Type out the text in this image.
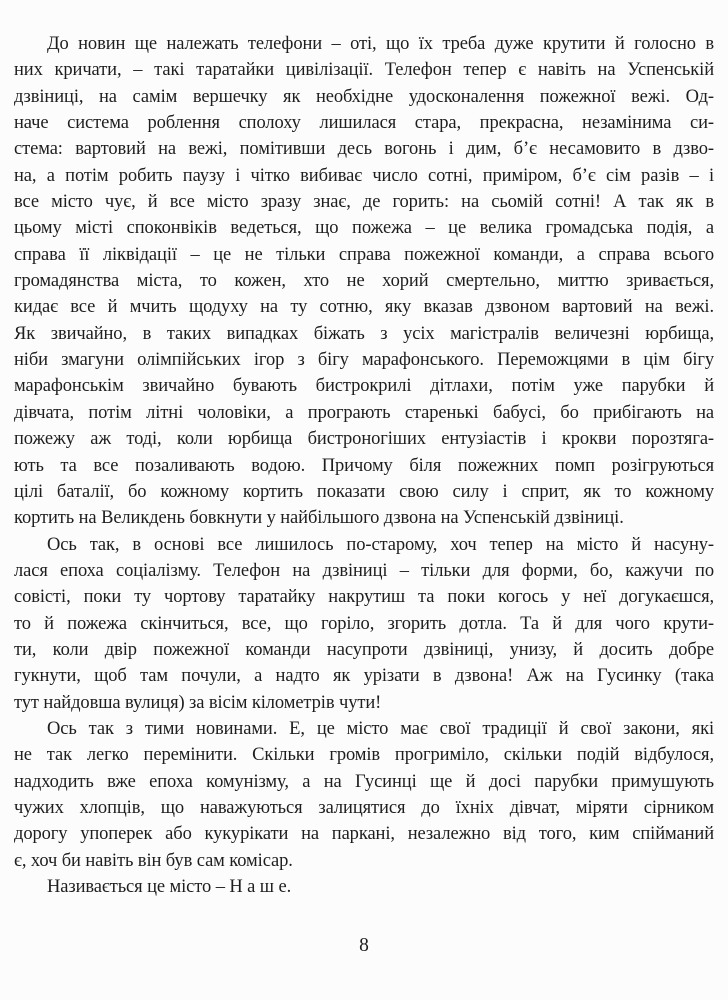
До новин ще належать телефони – оті, що їх треба дуже крутити й голосно в
них кричати, – такі таратайки цивілізації. Телефон тепер є навіть на Успенській
дзвіниці, на самім вершечку як необхідне удосконалення пожежної вежі. Од-
наче система роблення сполоху лишилася стара, прекрасна, незамінима си-
стема: вартовий на вежі, помітивши десь вогонь і дим, б’є несамовито в дзво-
на, а потім робить паузу і чітко вибиває число сотні, приміром, б’є сім разів – і
все місто чує, й все місто зразу знає, де горить: на сьомій сотні! А так як в
цьому місті споконвіків ведеться, що пожежа – це велика громадська подія, а
справа її ліквідації – це не тільки справа пожежної команди, а справа всього
громадянства міста, то кожен, хто не хорий смертельно, миттю зривається,
кидає все й мчить щодуху на ту сотню, яку вказав дзвоном вартовий на вежі.
Як звичайно, в таких випадках біжать з усіх магістралів величезні юрбища,
ніби змагуни олімпійських ігор з бігу марафонського. Переможцями в цім бігу
марафонськім звичайно бувають бистрокрилі дітлахи, потім уже парубки й
дівчата, потім літні чоловіки, а програють старенькі бабусі, бо прибігають на
пожежу аж тоді, коли юрбища бистроногіших ентузіастів і крокви порозтяга-
ють та все позаливають водою. Причому біля пожежних помп розігруються
цілі баталії, бо кожному кортить показати свою силу і сприт, як то кожному
кортить на Великдень бовкнути у найбільшого дзвона на Успенській дзвіниці.
Ось так, в основі все лишилось по-старому, хоч тепер на місто й насуну-
лася епоха соціалізму. Телефон на дзвіниці – тільки для форми, бо, кажучи по
совісті, поки ту чортову таратайку накрутиш та поки когось у неї догукаєшся,
то й пожежа скінчиться, все, що горіло, згорить дотла. Та й для чого крути-
ти, коли двір пожежної команди насупроти дзвіниці, унизу, й досить добре
гукнути, щоб там почули, а надто як урізати в дзвона! Аж на Гусинку (така
тут найдовша вулиця) за вісім кілометрів чути!
Ось так з тими новинами. Е, це місто має свої традиції й свої закони, які
не так легко перемінити. Скільки громів прогриміло, скільки подій відбулося,
надходить вже епоха комунізму, а на Гусинці ще й досі парубки примушують
чужих хлопців, що наважуються залицятися до їхніх дівчат, міряти сірником
дорогу упоперек або кукурікати на паркані, незалежно від того, ким спійманий
є, хоч би навіть він був сам комісар.
Називається це місто – Н а ш е.
8
